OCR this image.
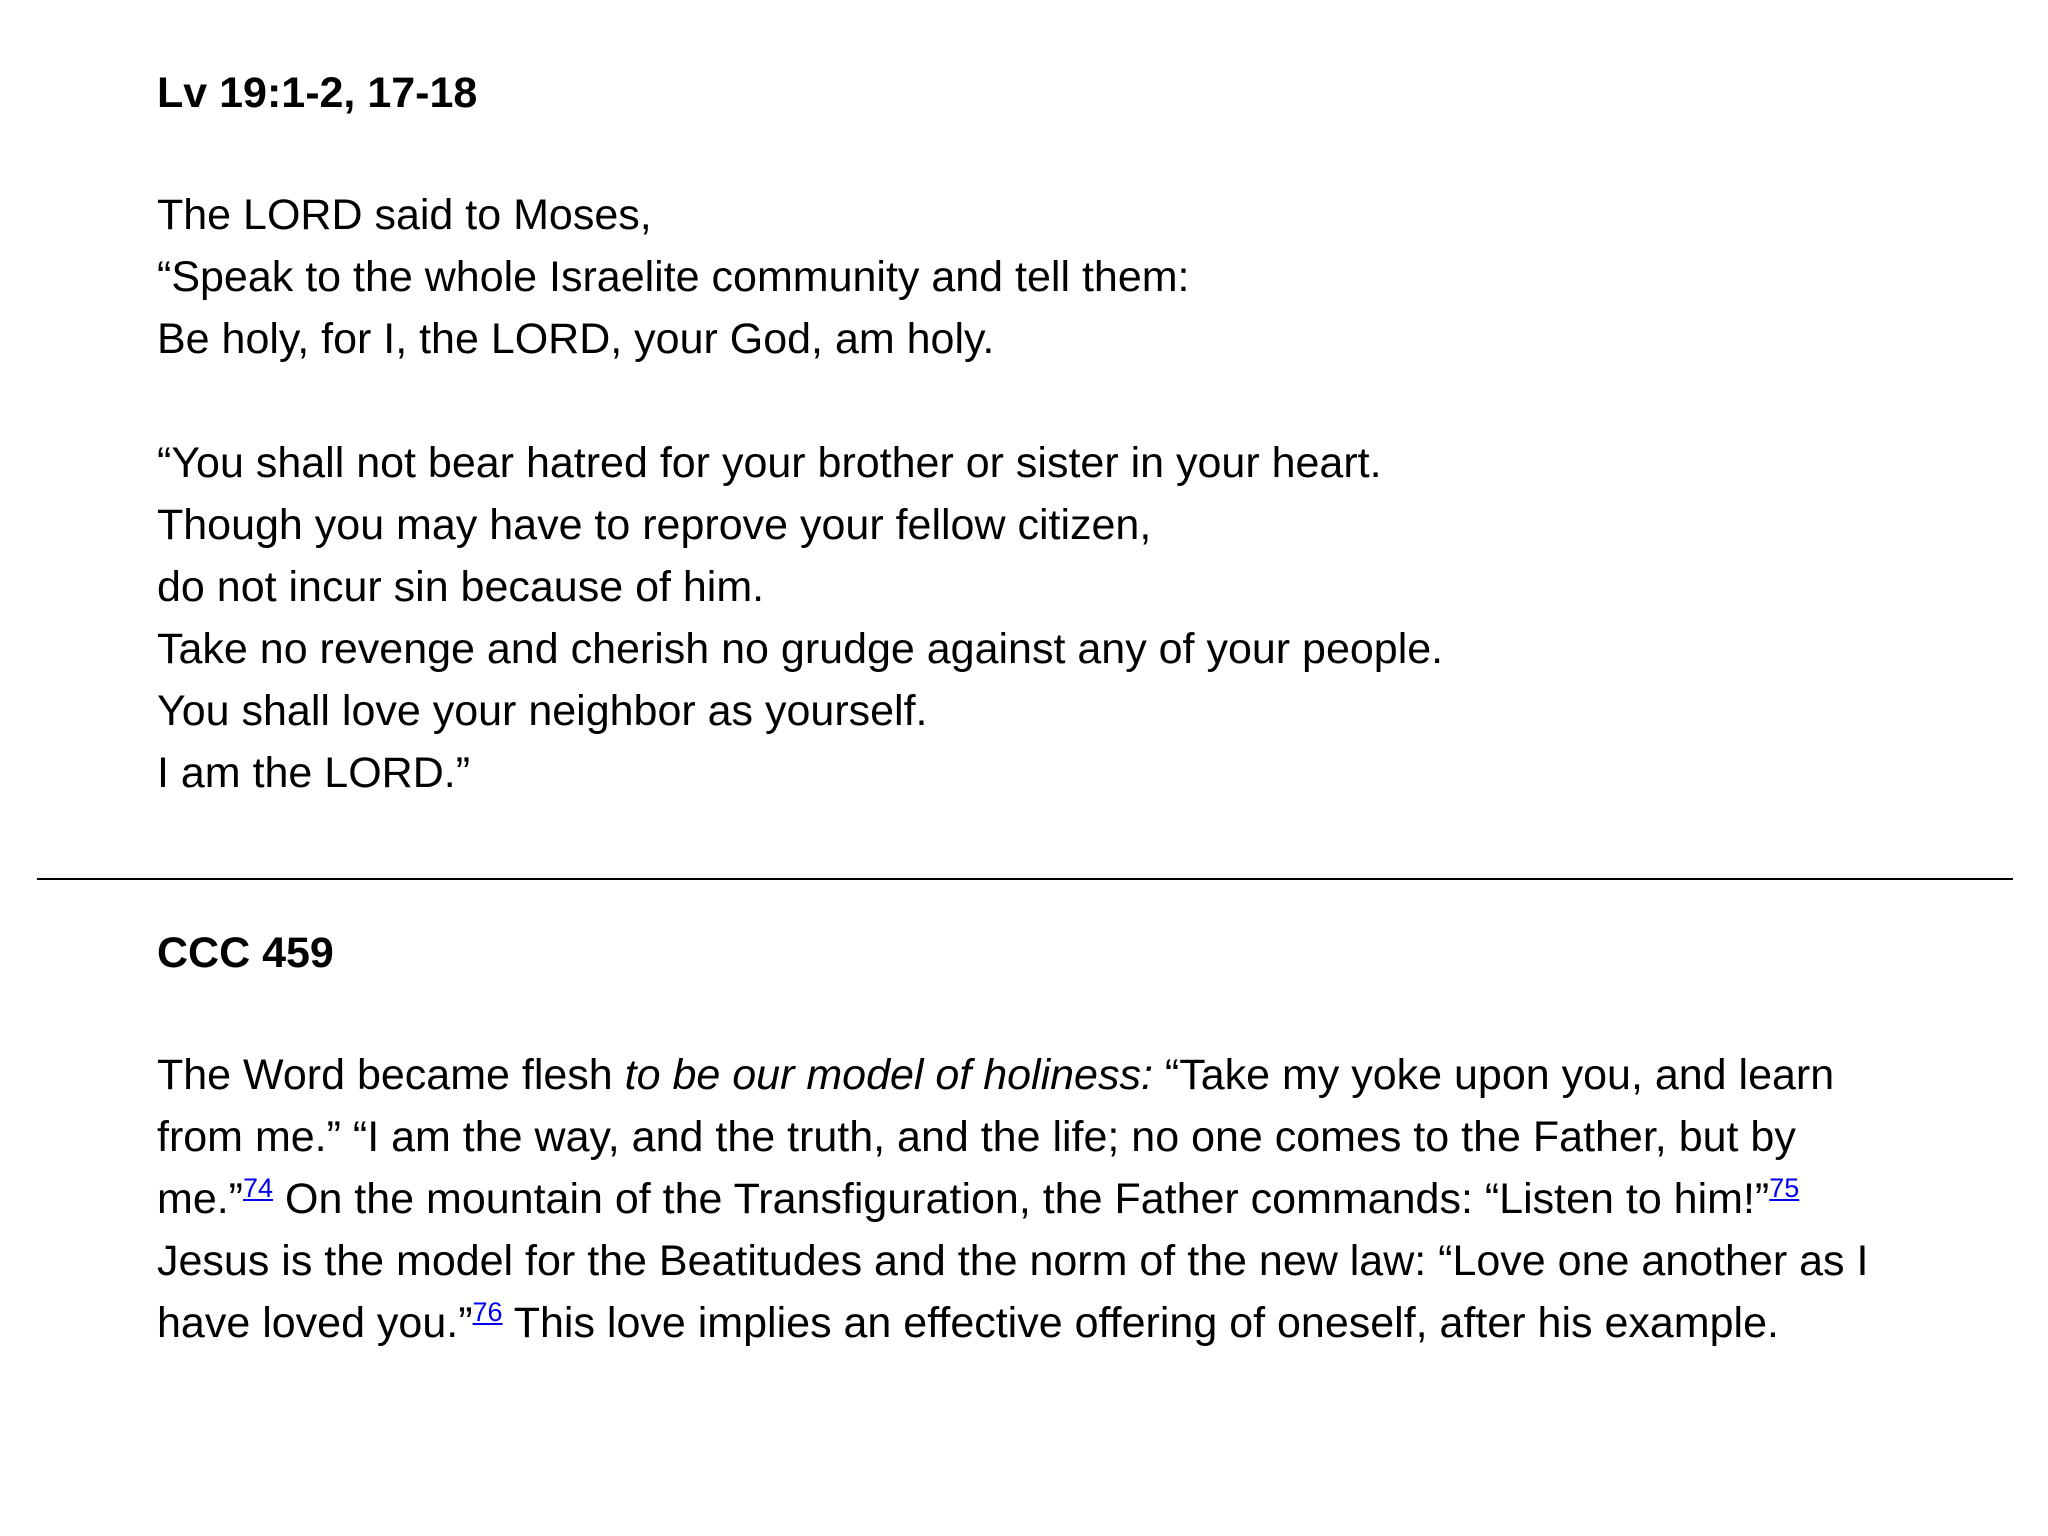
Lv 19:1-2, 17-18
The LORD said to Moses,
“Speak to the whole Israelite community and tell them:
Be holy, for I, the LORD, your God, am holy.
“You shall not bear hatred for your brother or sister in your heart.
Though you may have to reprove your fellow citizen,
do not incur sin because of him.
Take no revenge and cherish no grudge against any of your people.
You shall love your neighbor as yourself.
I am the LORD.”
CCC 459

The Word became flesh to be our model of holiness: “Take my yoke upon you, and learn from me.” “I am the way, and the truth, and the life; no one comes to the Father, but by me.”$^{74}$ On the mountain of the Transfiguration, the Father commands: “Listen to him!”$^{75}$ Jesus is the model for the Beatitudes and the norm of the new law: “Love one another as I have loved you.”$^{76}$ This love implies an effective offering of oneself, after his example.
